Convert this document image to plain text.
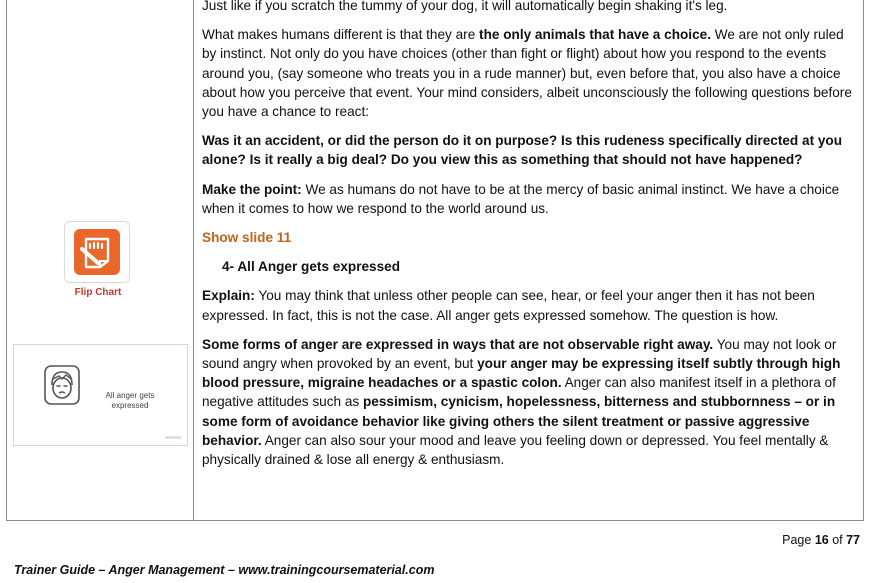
Flip Chart
All anger gets expressed

Just like if you scratch the tummy of your dog, it will automatically begin shaking it's leg.

What makes humans different is that they are the only animals that have a choice. We are not only ruled by instinct. Not only do you have choices (other than fight or flight) about how you respond to the events around you, (say someone who treats you in a rude manner) but, even before that, you also have a choice about how you perceive that event. Your mind considers, albeit unconsciously the following questions before you have a chance to react:

Was it an accident, or did the person do it on purpose? Is this rudeness specifically directed at you alone? Is it really a big deal? Do you view this as something that should not have happened?

Make the point: We as humans do not have to be at the mercy of basic animal instinct. We have a choice when it comes to how we respond to the world around us.

Show slide 11

4- All Anger gets expressed

Explain: You may think that unless other people can see, hear, or feel your anger then it has not been expressed. In fact, this is not the case. All anger gets expressed somehow. The question is how.

Some forms of anger are expressed in ways that are not observable right away. You may not look or sound angry when provoked by an event, but your anger may be expressing itself subtly through high blood pressure, migraine headaches or a spastic colon. Anger can also manifest itself in a plethora of negative attitudes such as pessimism, cynicism, hopelessness, bitterness and stubbornness – or in some form of avoidance behavior like giving others the silent treatment or passive aggressive behavior. Anger can also sour your mood and leave you feeling down or depressed. You feel mentally & physically drained & lose all energy & enthusiasm.

Page 16 of 77
Trainer Guide – Anger Management – www.trainingcoursematerial.com
